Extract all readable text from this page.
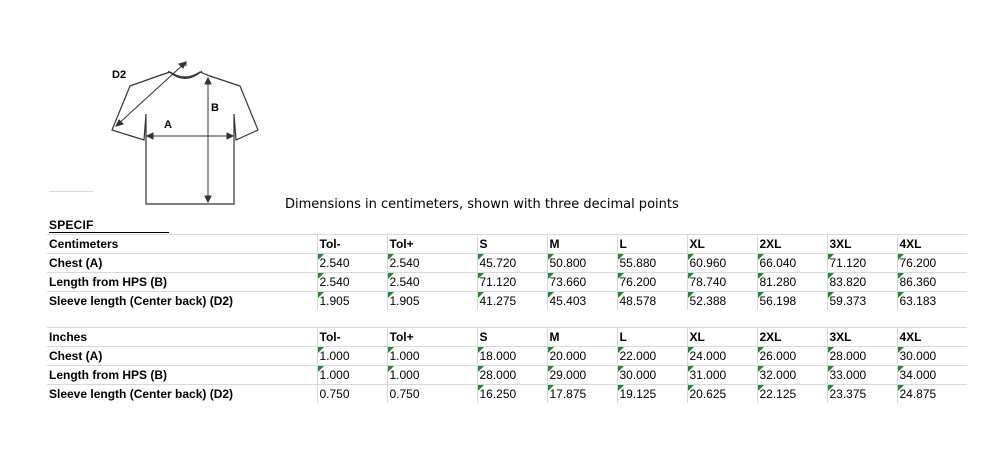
D2
A
B
Dimensions in centimeters, shown with three decimal points
SPECIF
Centimeters	Tol-	Tol+	S	M	L	XL	2XL	3XL	4XL
Chest (A)	2.540	2.540	45.720	50.800	55.880	60.960	66.040	71.120	76.200
Length from HPS (B)	2.540	2.540	71.120	73.660	76.200	78.740	81.280	83.820	86.360
Sleeve length (Center back) (D2)	1.905	1.905	41.275	45.403	48.578	52.388	56.198	59.373	63.183
Inches	Tol-	Tol+	S	M	L	XL	2XL	3XL	4XL
Chest (A)	1.000	1.000	18.000	20.000	22.000	24.000	26.000	28.000	30.000
Length from HPS (B)	1.000	1.000	28.000	29.000	30.000	31.000	32.000	33.000	34.000
Sleeve length (Center back) (D2)	0.750	0.750	16.250	17.875	19.125	20.625	22.125	23.375	24.875
